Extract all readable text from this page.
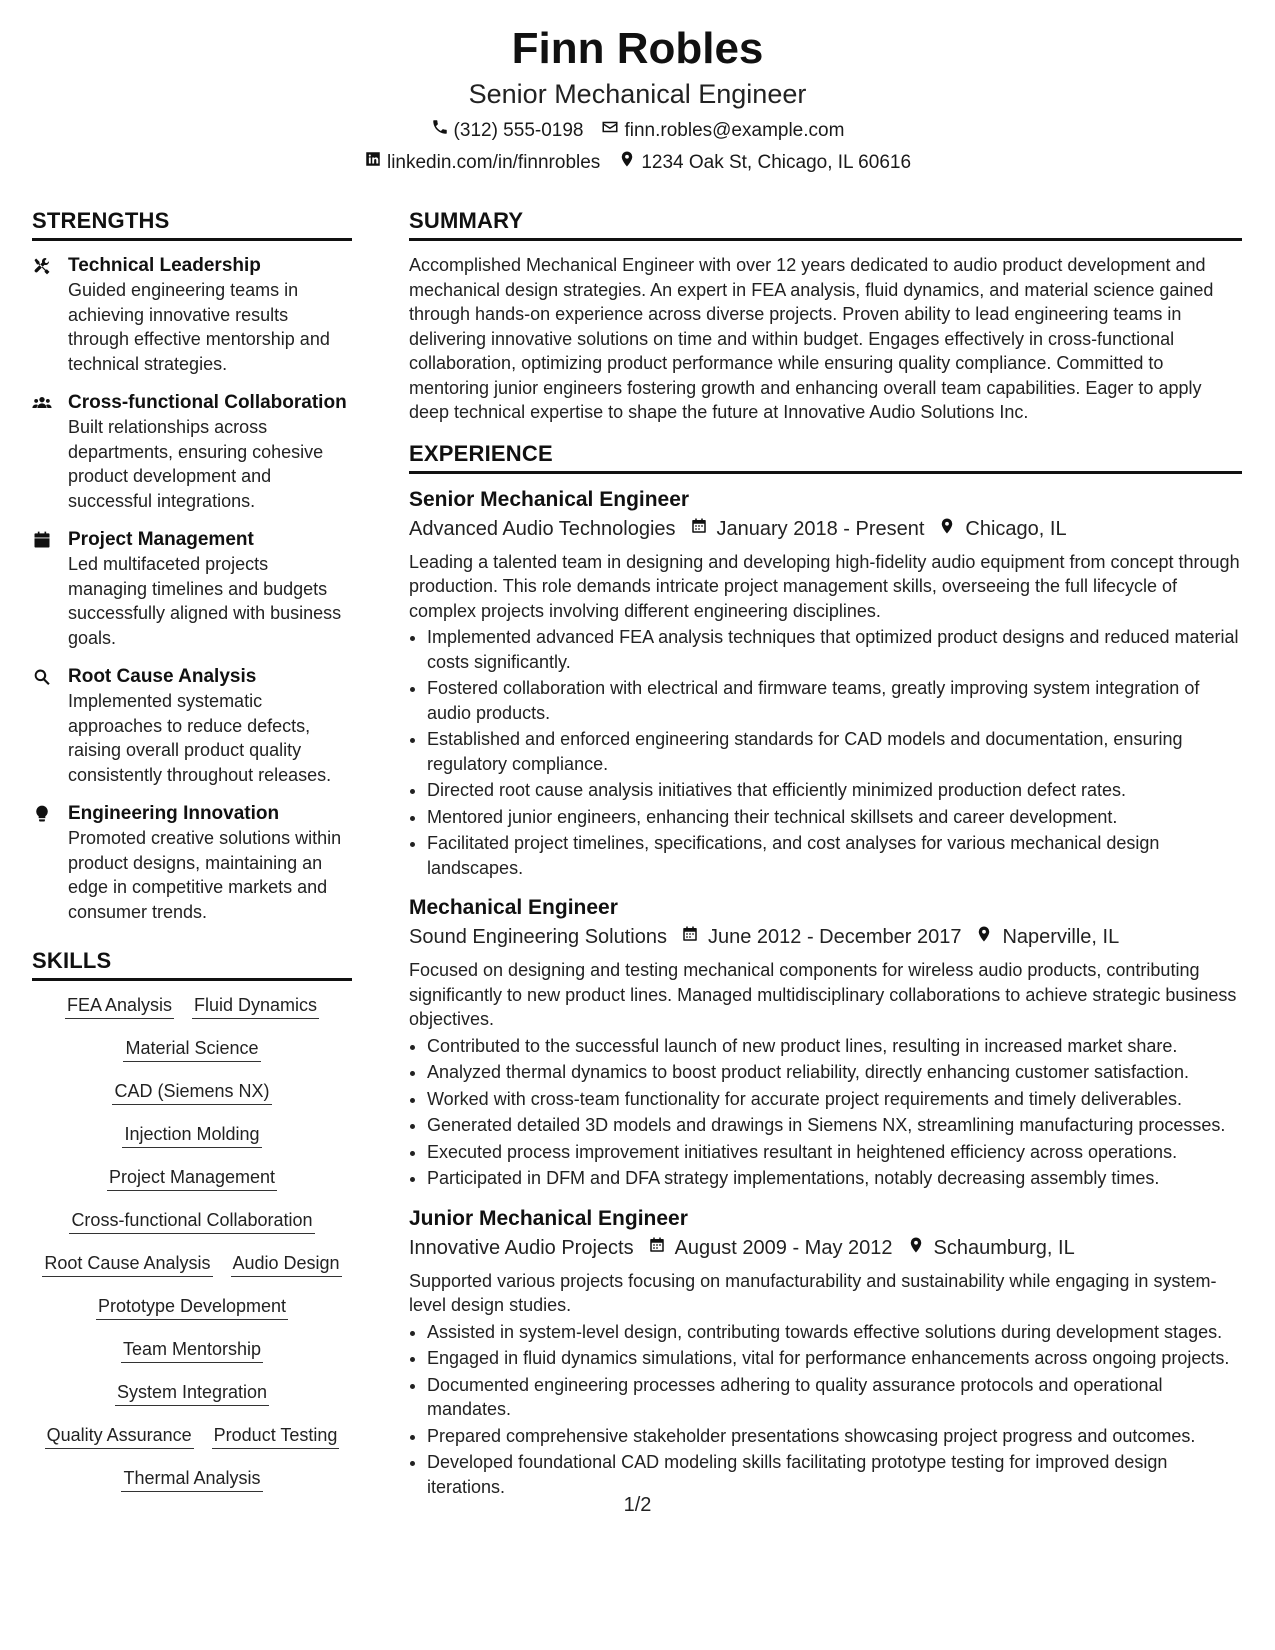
Finn Robles
Senior Mechanical Engineer
(312) 555-0198 finn.robles@example.com
linkedin.com/in/finnrobles 1234 Oak St, Chicago, IL 60616
STRENGTHS
Technical Leadership
Guided engineering teams in achieving innovative results through effective mentorship and technical strategies.
Cross-functional Collaboration
Built relationships across departments, ensuring cohesive product development and successful integrations.
Project Management
Led multifaceted projects managing timelines and budgets successfully aligned with business goals.
Root Cause Analysis
Implemented systematic approaches to reduce defects, raising overall product quality consistently throughout releases.
Engineering Innovation
Promoted creative solutions within product designs, maintaining an edge in competitive markets and consumer trends.
SKILLS
FEA Analysis Fluid Dynamics
Material Science
CAD (Siemens NX)
Injection Molding
Project Management
Cross-functional Collaboration
Root Cause Analysis Audio Design
Prototype Development
Team Mentorship
System Integration
Quality Assurance Product Testing
Thermal Analysis
SUMMARY

Accomplished Mechanical Engineer with over 12 years dedicated to audio product development and mechanical design strategies. An expert in FEA analysis, fluid dynamics, and material science gained through hands-on experience across diverse projects. Proven ability to lead engineering teams in delivering innovative solutions on time and within budget. Engages effectively in cross-functional collaboration, optimizing product performance while ensuring quality compliance. Committed to mentoring junior engineers fostering growth and enhancing overall team capabilities. Eager to apply deep technical expertise to shape the future at Innovative Audio Solutions Inc.

EXPERIENCE
Senior Mechanical Engineer
Advanced Audio Technologies January 2018 - Present Chicago, IL

Leading a talented team in designing and developing high-fidelity audio equipment from concept through production. This role demands intricate project management skills, overseeing the full lifecycle of complex projects involving different engineering disciplines.

• Implemented advanced FEA analysis techniques that optimized product designs and reduced material costs significantly.
• Fostered collaboration with electrical and firmware teams, greatly improving system integration of audio products.
• Established and enforced engineering standards for CAD models and documentation, ensuring regulatory compliance.
• Directed root cause analysis initiatives that efficiently minimized production defect rates.
• Mentored junior engineers, enhancing their technical skillsets and career development.
• Facilitated project timelines, specifications, and cost analyses for various mechanical design landscapes.
Mechanical Engineer
Sound Engineering Solutions June 2012 - December 2017 Naperville, IL

Focused on designing and testing mechanical components for wireless audio products, contributing significantly to new product lines. Managed multidisciplinary collaborations to achieve strategic business objectives.

• Contributed to the successful launch of new product lines, resulting in increased market share.
• Analyzed thermal dynamics to boost product reliability, directly enhancing customer satisfaction.
• Worked with cross-team functionality for accurate project requirements and timely deliverables.
• Generated detailed 3D models and drawings in Siemens NX, streamlining manufacturing processes.
• Executed process improvement initiatives resultant in heightened efficiency across operations.
• Participated in DFM and DFA strategy implementations, notably decreasing assembly times.
Junior Mechanical Engineer
Innovative Audio Projects August 2009 - May 2012 Schaumburg, IL

Supported various projects focusing on manufacturability and sustainability while engaging in system-level design studies.

• Assisted in system-level design, contributing towards effective solutions during development stages.
• Engaged in fluid dynamics simulations, vital for performance enhancements across ongoing projects.
• Documented engineering processes adhering to quality assurance protocols and operational mandates.
• Prepared comprehensive stakeholder presentations showcasing project progress and outcomes.
• Developed foundational CAD modeling skills facilitating prototype testing for improved design iterations.
1/2
